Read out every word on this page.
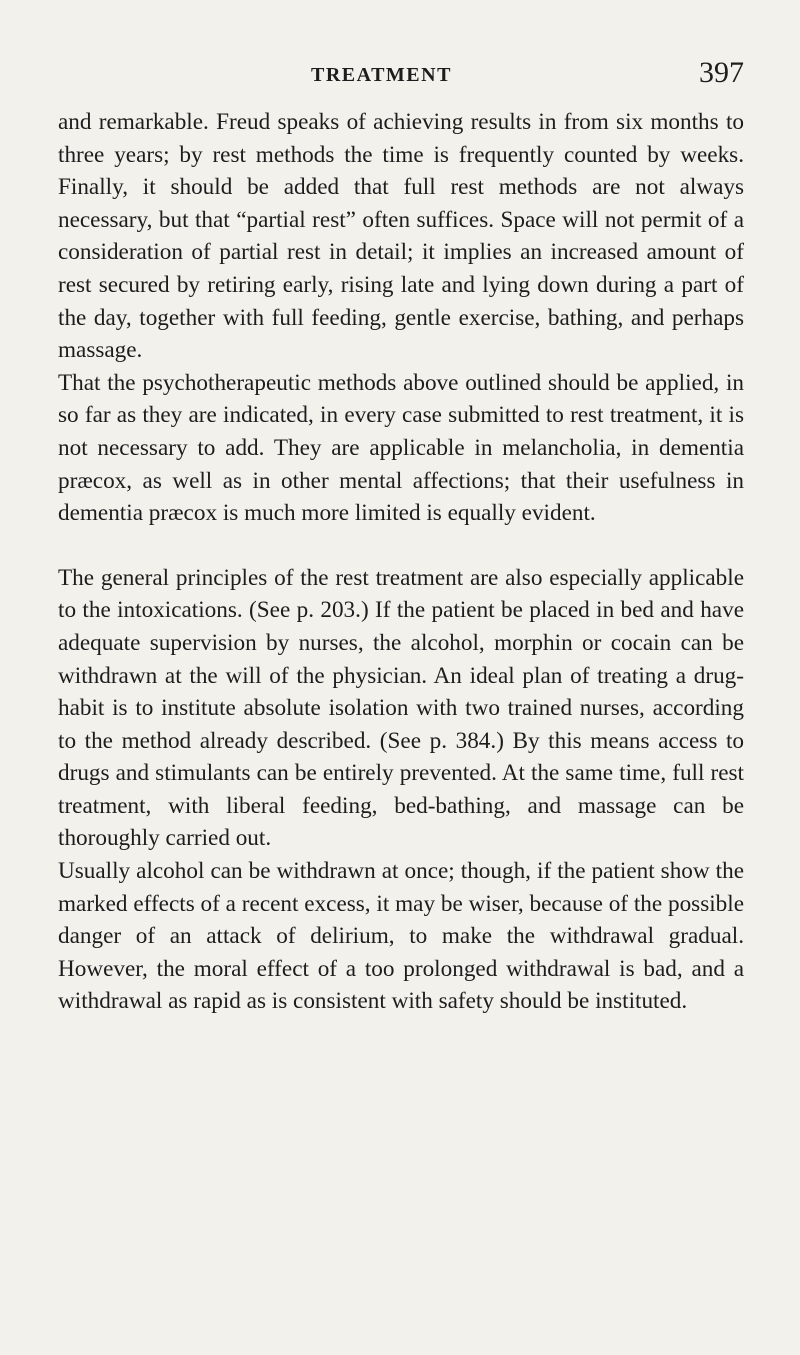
TREATMENT	397

and remarkable. Freud speaks of achieving results in from six months to three years; by rest methods the time is frequently counted by weeks. Finally, it should be added that full rest methods are not always necessary, but that “partial rest” often suffices. Space will not permit of a consideration of partial rest in detail; it implies an increased amount of rest secured by retiring early, rising late and lying down during a part of the day, together with full feeding, gentle exercise, bathing, and perhaps massage.

That the psychotherapeutic methods above outlined should be applied, in so far as they are indicated, in every case submitted to rest treatment, it is not necessary to add. They are applicable in melancholia, in dementia præcox, as well as in other mental affections; that their usefulness in dementia præcox is much more limited is equally evident.

The general principles of the rest treatment are also especially applicable to the intoxications. (See p. 203.) If the patient be placed in bed and have adequate supervision by nurses, the alcohol, morphin or cocain can be withdrawn at the will of the physician. An ideal plan of treating a drug-habit is to institute absolute isolation with two trained nurses, according to the method already described. (See p. 384.) By this means access to drugs and stimulants can be entirely prevented. At the same time, full rest treatment, with liberal feeding, bed-bathing, and massage can be thoroughly carried out.

Usually alcohol can be withdrawn at once; though, if the patient show the marked effects of a recent excess, it may be wiser, because of the possible danger of an attack of delirium, to make the withdrawal gradual. However, the moral effect of a too prolonged withdrawal is bad, and a withdrawal as rapid as is consistent with safety should be instituted.
